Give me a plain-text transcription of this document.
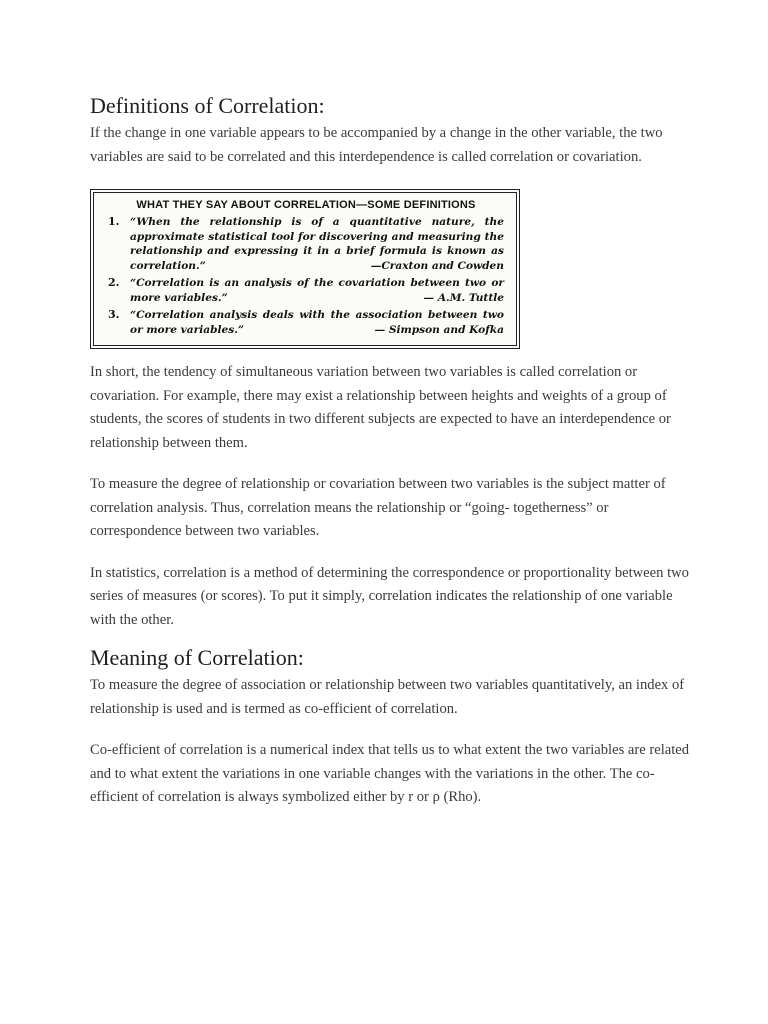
Definitions of Correlation:

If the change in one variable appears to be accompanied by a change in the other variable, the two variables are said to be correlated and this interdependence is called correlation or covariation.

WHAT THEY SAY ABOUT CORRELATION—SOME DEFINITIONS
1. “When the relationship is of a quantitative nature, the approximate statistical tool for discovering and measuring the relationship and expressing it in a brief formula is known as correlation.”	—Craxton and Cowden
2. “Correlation is an analysis of the covariation between two or more variables.”	— A.M. Tuttle
3. “Correlation analysis deals with the association between two or more variables.”	— Simpson and Kofka

In short, the tendency of simultaneous variation between two variables is called correlation or covariation. For example, there may exist a relationship between heights and weights of a group of students, the scores of students in two different subjects are expected to have an interdependence or relationship between them.

To measure the degree of relationship or covariation between two variables is the subject matter of correlation analysis. Thus, correlation means the relationship or “going- togetherness” or correspondence between two variables.

In statistics, correlation is a method of determining the correspondence or proportionality between two series of measures (or scores). To put it simply, correlation indicates the relationship of one variable with the other.

Meaning of Correlation:

To measure the degree of association or relationship between two variables quantitatively, an index of relationship is used and is termed as co-efficient of correlation.

Co-efficient of correlation is a numerical index that tells us to what extent the two variables are related and to what extent the variations in one variable changes with the variations in the other. The co-efficient of correlation is always symbolized either by r or ρ (Rho).
